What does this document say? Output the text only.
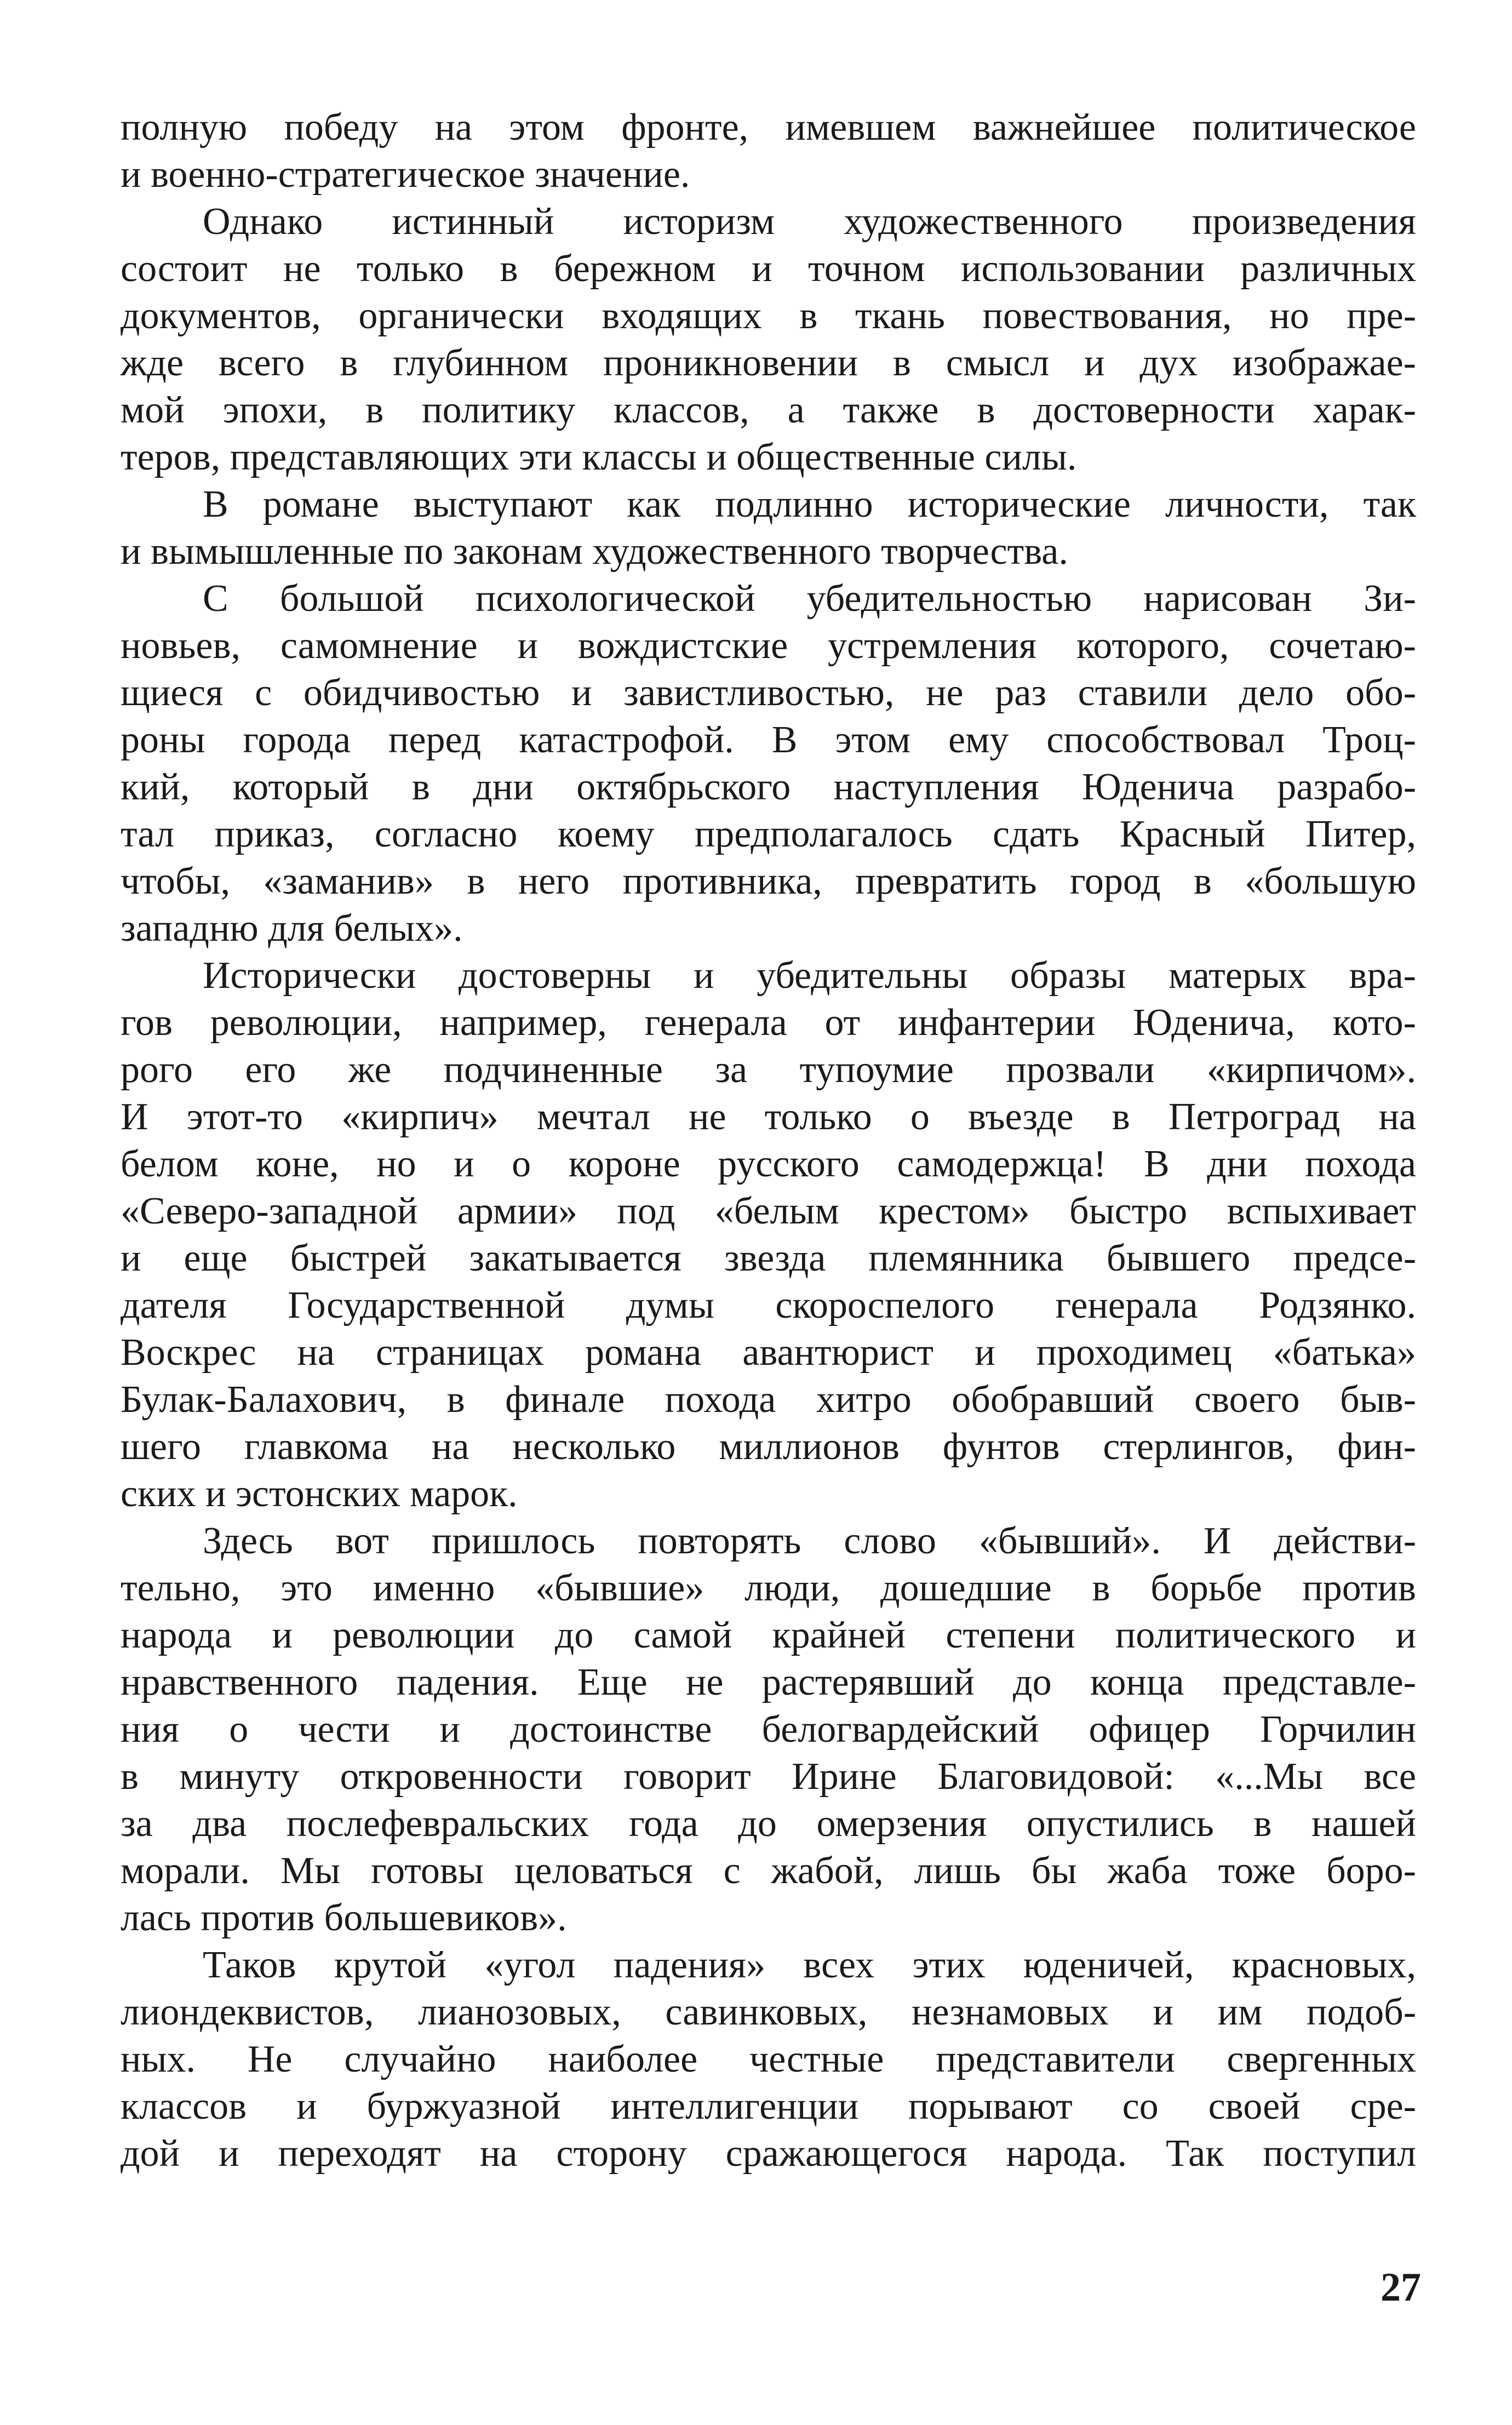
полную победу на этом фронте, имевшем важнейшее политическое
и военно-стратегическое значение.
Однако истинный историзм художественного произведения
состоит не только в бережном и точном использовании различных
документов, органически входящих в ткань повествования, но пре-
жде всего в глубинном проникновении в смысл и дух изображае-
мой эпохи, в политику классов, а также в достоверности харак-
теров, представляющих эти классы и общественные силы.
В романе выступают как подлинно исторические личности, так
и вымышленные по законам художественного творчества.
С большой психологической убедительностью нарисован Зи-
новьев, самомнение и вождистские устремления которого, сочетаю-
щиеся с обидчивостью и завистливостью, не раз ставили дело обо-
роны города перед катастрофой. В этом ему способствовал Троц-
кий, который в дни октябрьского наступления Юденича разрабо-
тал приказ, согласно коему предполагалось сдать Красный Питер,
чтобы, «заманив» в него противника, превратить город в «большую
западню для белых».
Исторически достоверны и убедительны образы матерых вра-
гов революции, например, генерала от инфантерии Юденича, кото-
рого его же подчиненные за тупоумие прозвали «кирпичом».
И этот-то «кирпич» мечтал не только о въезде в Петроград на
белом коне, но и о короне русского самодержца! В дни похода
«Северо-западной армии» под «белым крестом» быстро вспыхивает
и еще быстрей закатывается звезда племянника бывшего предсе-
дателя Государственной думы скороспелого генерала Родзянко.
Воскрес на страницах романа авантюрист и проходимец «батька»
Булак-Балахович, в финале похода хитро обобравший своего быв-
шего главкома на несколько миллионов фунтов стерлингов, фин-
ских и эстонских марок.
Здесь вот пришлось повторять слово «бывший». И действи-
тельно, это именно «бывшие» люди, дошедшие в борьбе против
народа и революции до самой крайней степени политического и
нравственного падения. Еще не растерявший до конца представле-
ния о чести и достоинстве белогвардейский офицер Горчилин
в минуту откровенности говорит Ирине Благовидовой: «...Мы все
за два послефевральских года до омерзения опустились в нашей
морали. Мы готовы целоваться с жабой, лишь бы жаба тоже боро-
лась против большевиков».
Таков крутой «угол падения» всех этих юденичей, красновых,
лиондеквистов, лианозовых, савинковых, незнамовых и им подоб-
ных. Не случайно наиболее честные представители свергенных
классов и буржуазной интеллигенции порывают со своей сре-
дой и переходят на сторону сражающегося народа. Так поступил
27
